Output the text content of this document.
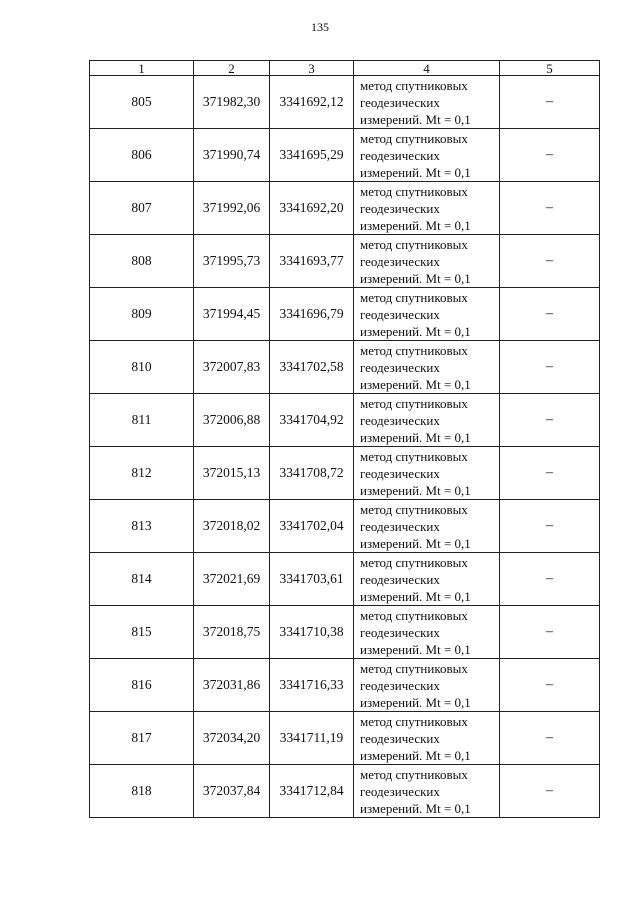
135
1	2	3	4	5
805	371982,30	3341692,12	метод спутниковых
геодезических
измерений. Mt = 0,1	–
806	371990,74	3341695,29	метод спутниковых
геодезических
измерений. Mt = 0,1	–
807	371992,06	3341692,20	метод спутниковых
геодезических
измерений. Mt = 0,1	–
808	371995,73	3341693,77	метод спутниковых
геодезических
измерений. Mt = 0,1	–
809	371994,45	3341696,79	метод спутниковых
геодезических
измерений. Mt = 0,1	–
810	372007,83	3341702,58	метод спутниковых
геодезических
измерений. Mt = 0,1	–
811	372006,88	3341704,92	метод спутниковых
геодезических
измерений. Mt = 0,1	–
812	372015,13	3341708,72	метод спутниковых
геодезических
измерений. Mt = 0,1	–
813	372018,02	3341702,04	метод спутниковых
геодезических
измерений. Mt = 0,1	–
814	372021,69	3341703,61	метод спутниковых
геодезических
измерений. Mt = 0,1	–
815	372018,75	3341710,38	метод спутниковых
геодезических
измерений. Mt = 0,1	–
816	372031,86	3341716,33	метод спутниковых
геодезических
измерений. Mt = 0,1	–
817	372034,20	3341711,19	метод спутниковых
геодезических
измерений. Mt = 0,1	–
818	372037,84	3341712,84	метод спутниковых
геодезических
измерений. Mt = 0,1	–
